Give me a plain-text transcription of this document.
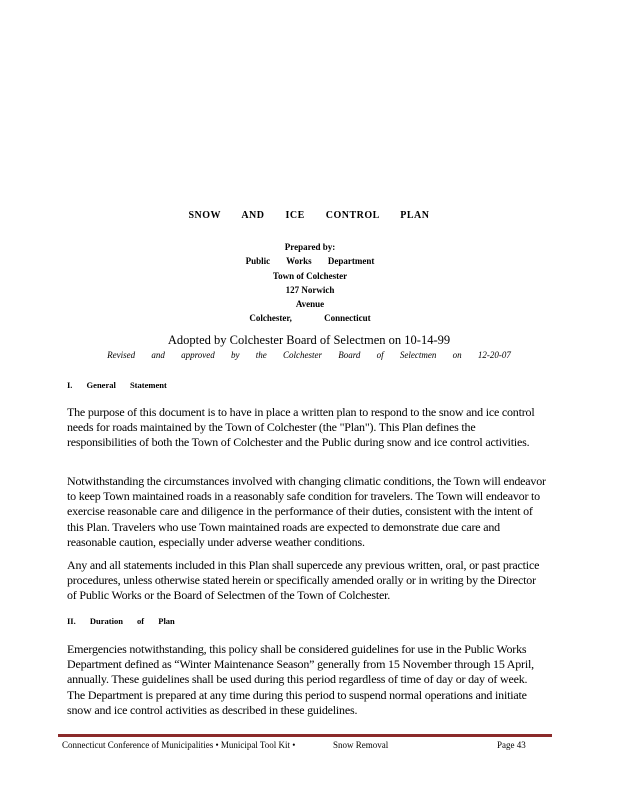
SNOW AND ICE CONTROL PLAN
Prepared by:
Public Works Department
Town of Colchester
127 Norwich
Avenue
Colchester, Connecticut
Adopted by Colchester Board of Selectmen on 10-14-99
Revised and approved by the Colchester Board of Selectmen on 12-20-07
I. General Statement
The purpose of this document is to have in place a written plan to respond to the snow and ice control needs for roads maintained by the Town of Colchester (the "Plan"). This Plan defines the responsibilities of both the Town of Colchester and the Public during snow and ice control activities.
Notwithstanding the circumstances involved with changing climatic conditions, the Town will endeavor to keep Town maintained roads in a reasonably safe condition for travelers. The Town will endeavor to exercise reasonable care and diligence in the performance of their duties, consistent with the intent of this Plan. Travelers who use Town maintained roads are expected to demonstrate due care and reasonable caution, especially under adverse weather conditions.
Any and all statements included in this Plan shall supercede any previous written, oral, or past practice procedures, unless otherwise stated herein or specifically amended orally or in writing by the Director of Public Works or the Board of Selectmen of the Town of Colchester.
II. Duration of Plan
Emergencies notwithstanding, this policy shall be considered guidelines for use in the Public Works Department defined as “Winter Maintenance Season” generally from 15 November through 15 April, annually. These guidelines shall be used during this period regardless of time of day or day of week. The Department is prepared at any time during this period to suspend normal operations and initiate snow and ice control activities as described in these guidelines.
Connecticut Conference of Municipalities • Municipal Tool Kit •	Snow Removal	Page 43
